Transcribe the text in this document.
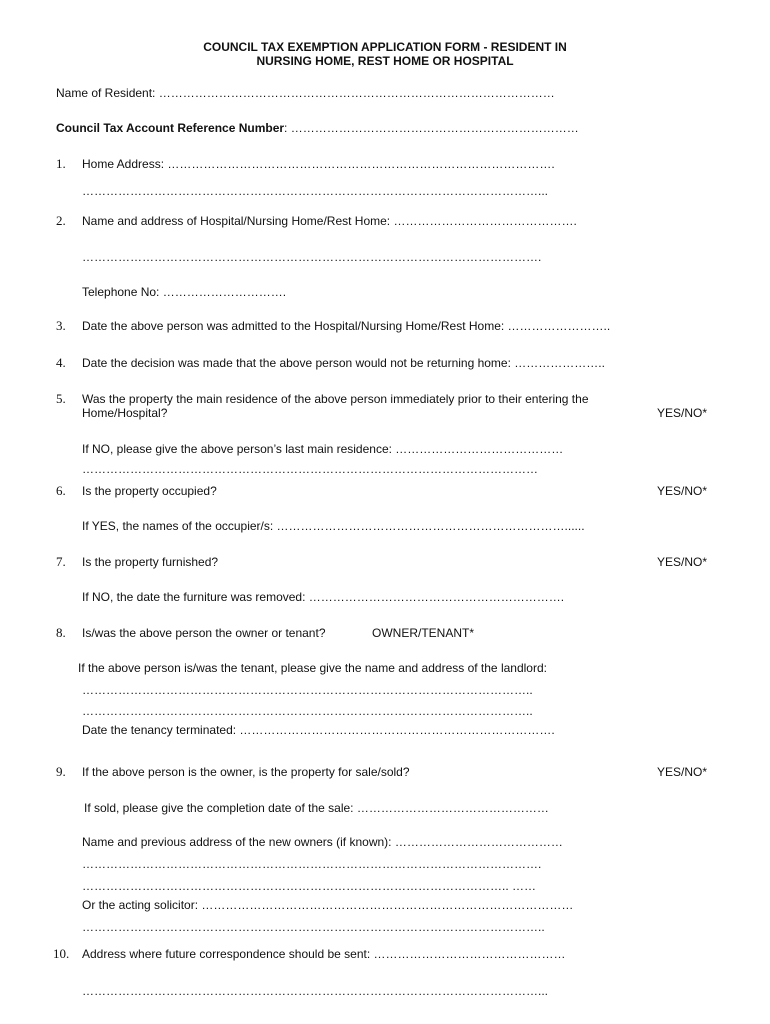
COUNCIL TAX EXEMPTION APPLICATION FORM - RESIDENT IN
NURSING HOME, REST HOME OR HOSPITAL
Name of Resident: ………………………………………………………………………………………
Council Tax Account Reference Number: ………………………………………………………………
1. Home Address: …………………………………………………………………………………….
……………………………………………………………………………………………………...
2. Name and address of Hospital/Nursing Home/Rest Home: ……………………………………….
…………………………………………………………………………………………………….
Telephone No: ………………………….
3. Date the above person was admitted to the Hospital/Nursing Home/Rest Home: ……………………..
4. Date the decision was made that the above person would not be returning home: …………………..
5. Was the property the main residence of the above person immediately prior to their entering the
Home/Hospital?	YES/NO*
If NO, please give the above person’s last main residence: ……………………………………
……………………………………………………………………………………………………
6. Is the property occupied?	YES/NO*
If YES, the names of the occupier/s: ………………………………………………………………......
7. Is the property furnished?	YES/NO*
If NO, the date the furniture was removed: ……………………………………………………….
8. Is/was the above person the owner or tenant?	OWNER/TENANT*
If the above person is/was the tenant, please give the name and address of the landlord:
…………………………………………………………………………………………………..
…………………………………………………………………………………………………..
Date the tenancy terminated: …………………………………………………………………….
9. If the above person is the owner, is the property for sale/sold?	YES/NO*
If sold, please give the completion date of the sale: …………………………………………
Name and previous address of the new owners (if known): ……………………………………
…………………………………………………………………………………………………….
…………………………………………………………………………………………….. ……
Or the acting solicitor: …………………………………………………………………………………
……………………………………………………………………………………………………..
10. Address where future correspondence should be sent: …………………………………………
……………………………………………………………………………………………………...
